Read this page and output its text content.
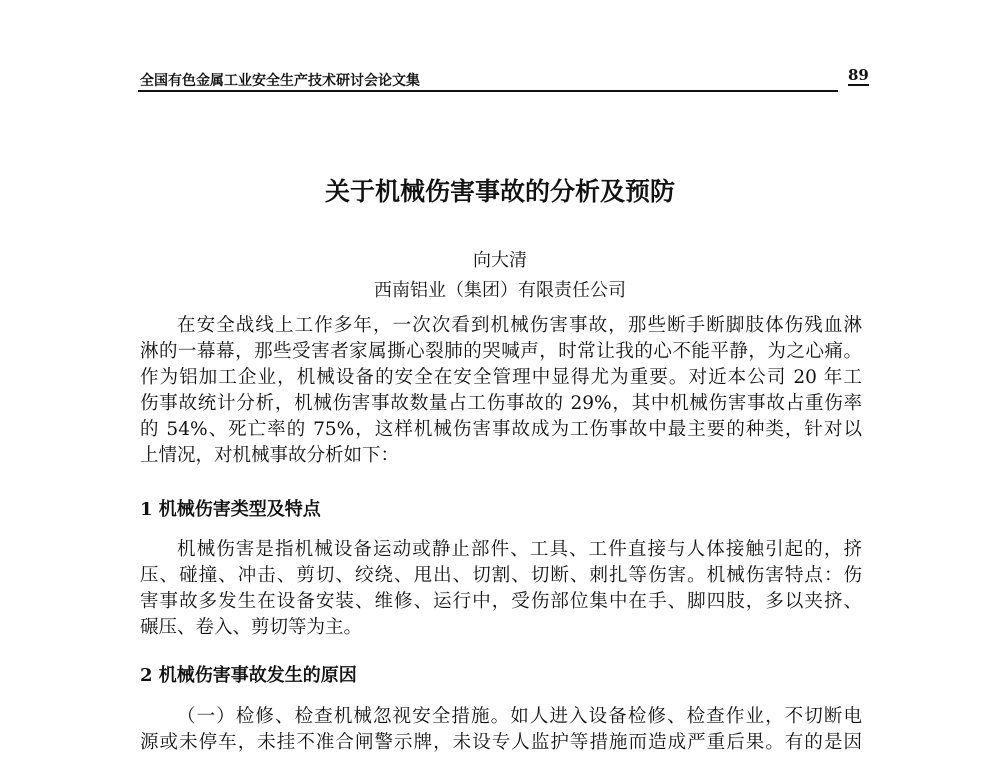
全国有色金属工业安全生产技术研讨会论文集	89
关于机械伤害事故的分析及预防
向大清
西南铝业（集团）有限责任公司
在安全战线上工作多年，一次次看到机械伤害事故，那些断手断脚肢体伤残血淋
淋的一幕幕，那些受害者家属撕心裂肺的哭喊声，时常让我的心不能平静，为之心痛。
作为铝加工企业，机械设备的安全在安全管理中显得尤为重要。对近本公司 20 年工
伤事故统计分析，机械伤害事故数量占工伤事故的 29%，其中机械伤害事故占重伤率
的 54%、死亡率的 75%，这样机械伤害事故成为工伤事故中最主要的种类，针对以
上情况，对机械事故分析如下：
1 机械伤害类型及特点
机械伤害是指机械设备运动或静止部件、工具、工件直接与人体接触引起的，挤
压、碰撞、冲击、剪切、绞绕、甩出、切割、切断、刺扎等伤害。机械伤害特点：伤
害事故多发生在设备安装、维修、运行中，受伤部位集中在手、脚四肢，多以夹挤、
碾压、卷入、剪切等为主。
2 机械伤害事故发生的原因
（一）检修、检查机械忽视安全措施。如人进入设备检修、检查作业，不切断电
源或未停车，未挂不准合闸警示牌，未设专人监护等措施而造成严重后果。有的是因
